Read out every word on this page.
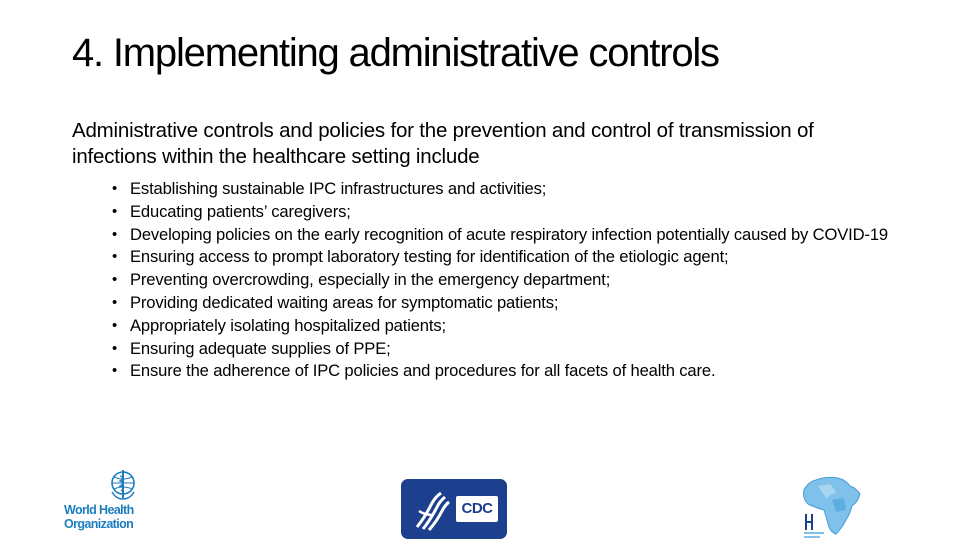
4. Implementing administrative controls

Administrative controls and policies for the prevention and control of transmission of infections within the healthcare setting include

• Establishing sustainable IPC infrastructures and activities;
• Educating patients’ caregivers;
• Developing policies on the early recognition of acute respiratory infection potentially caused by COVID-19
• Ensuring access to prompt laboratory testing for identification of the etiologic agent;
• Preventing overcrowding, especially in the emergency department;
• Providing dedicated waiting areas for symptomatic patients;
• Appropriately isolating hospitalized patients;
• Ensuring adequate supplies of PPE;
• Ensure the adherence of IPC policies and procedures for all facets of health care.
World Health
Organization
CDC
